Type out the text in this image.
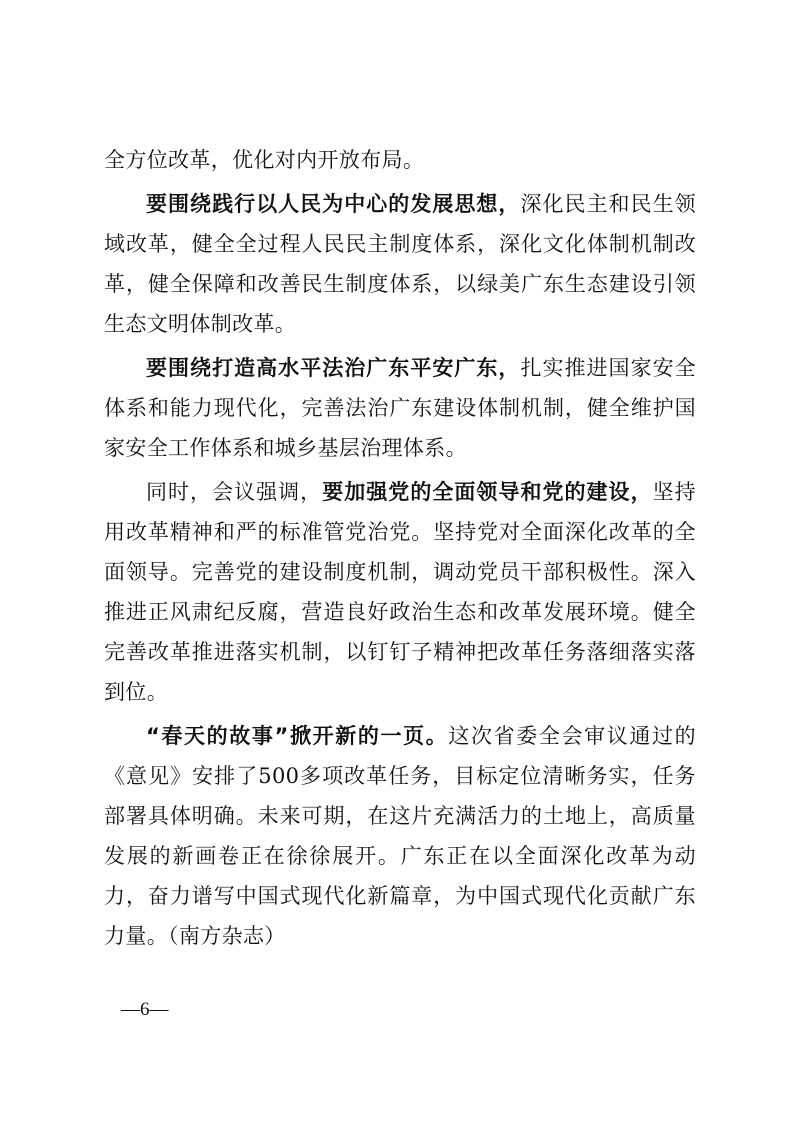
全方位改革，优化对内开放布局。

要围绕践行以人民为中心的发展思想，深化民主和民生领域改革，健全全过程人民民主制度体系，深化文化体制机制改革，健全保障和改善民生制度体系，以绿美广东生态建设引领生态文明体制改革。

要围绕打造高水平法治广东平安广东，扎实推进国家安全体系和能力现代化，完善法治广东建设体制机制，健全维护国家安全工作体系和城乡基层治理体系。

同时，会议强调，要加强党的全面领导和党的建设，坚持用改革精神和严的标准管党治党。坚持党对全面深化改革的全面领导。完善党的建设制度机制，调动党员干部积极性。深入推进正风肃纪反腐，营造良好政治生态和改革发展环境。健全完善改革推进落实机制，以钉钉子精神把改革任务落细落实落到位。

“春天的故事”掀开新的一页。这次省委全会审议通过的《意见》安排了500多项改革任务，目标定位清晰务实，任务部署具体明确。未来可期，在这片充满活力的土地上，高质量发展的新画卷正在徐徐展开。广东正在以全面深化改革为动力，奋力谱写中国式现代化新篇章，为中国式现代化贡献广东力量。（南方杂志）

—6—
